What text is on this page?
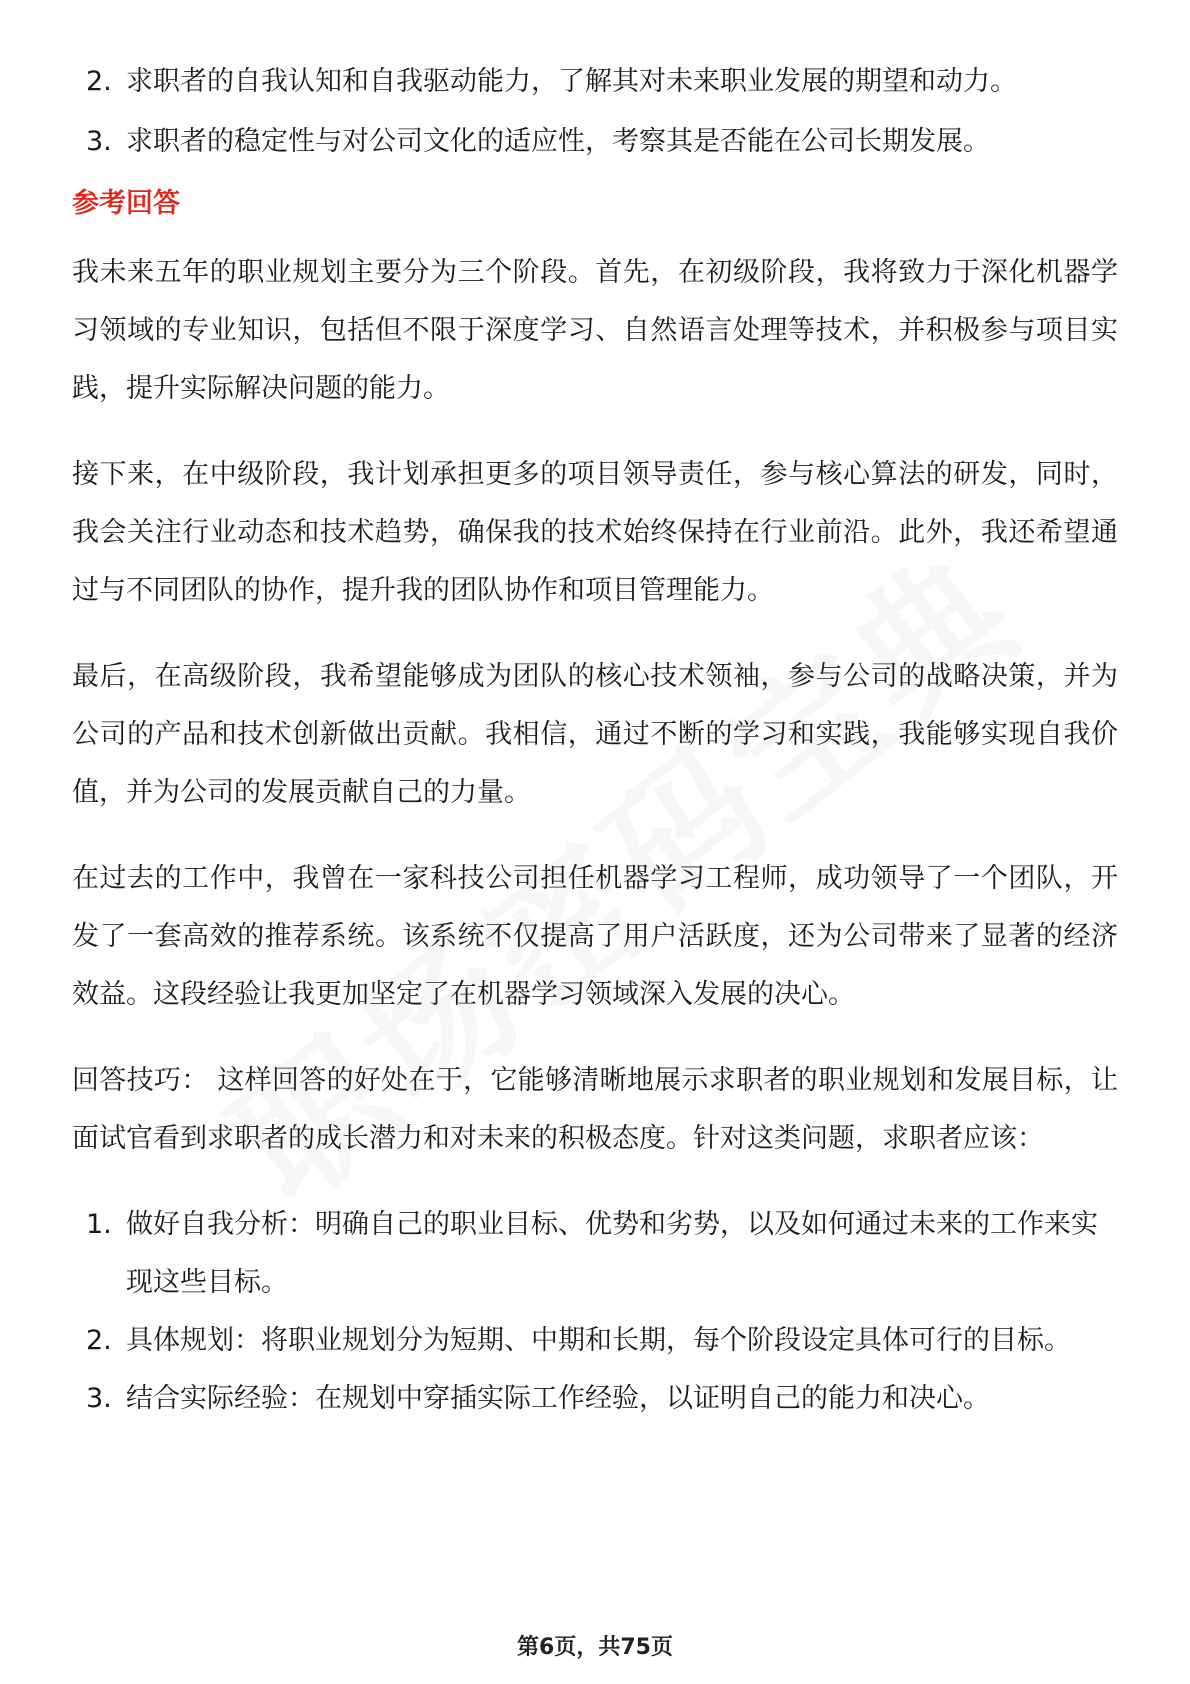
2. 求职者的自我认知和自我驱动能力，了解其对未来职业发展的期望和动力。
3. 求职者的稳定性与对公司文化的适应性，考察其是否能在公司长期发展。
参考回答

我未来五年的职业规划主要分为三个阶段。首先，在初级阶段，我将致力于深化机器学习领域的专业知识，包括但不限于深度学习、自然语言处理等技术，并积极参与项目实践，提升实际解决问题的能力。

接下来，在中级阶段，我计划承担更多的项目领导责任，参与核心算法的研发，同时，我会关注行业动态和技术趋势，确保我的技术始终保持在行业前沿。此外，我还希望通过与不同团队的协作，提升我的团队协作和项目管理能力。

最后，在高级阶段，我希望能够成为团队的核心技术领袖，参与公司的战略决策，并为公司的产品和技术创新做出贡献。我相信，通过不断的学习和实践，我能够实现自我价值，并为公司的发展贡献自己的力量。

在过去的工作中，我曾在一家科技公司担任机器学习工程师，成功领导了一个团队，开发了一套高效的推荐系统。该系统不仅提高了用户活跃度，还为公司带来了显著的经济效益。这段经验让我更加坚定了在机器学习领域深入发展的决心。

回答技巧： 这样回答的好处在于，它能够清晰地展示求职者的职业规划和发展目标，让面试官看到求职者的成长潜力和对未来的积极态度。针对这类问题，求职者应该：

1. 做好自我分析：明确自己的职业目标、优势和劣势，以及如何通过未来的工作来实现这些目标。
2. 具体规划：将职业规划分为短期、中期和长期，每个阶段设定具体可行的目标。
3. 结合实际经验：在规划中穿插实际工作经验，以证明自己的能力和决心。
第6页，共75页
